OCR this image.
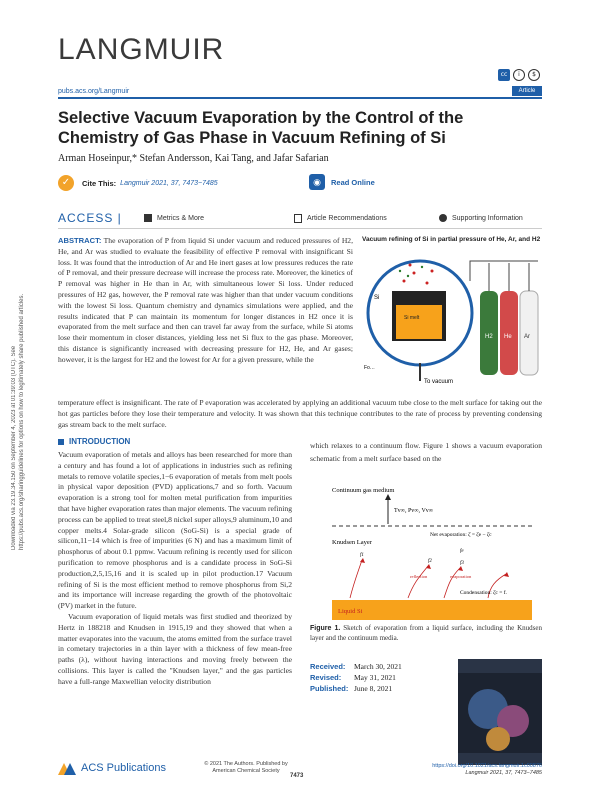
LANGMUIR
cc	i	$
pubs.acs.org/Langmuir	Article
Selective Vacuum Evaporation by the Control of the Chemistry of Gas Phase in Vacuum Refining of Si
Arman Hoseinpur,* Stefan Andersson, Kai Tang, and Jafar Safarian
✓	Cite This: Langmuir 2021, 37, 7473−7485	◉	Read Online
ACCESS |	Metrics & More	Article Recommendations	Supporting Information
Downloaded via 23.19.34.150 on September 4, 2023 at 01:39:03 (UTC). See https://pubs.acs.org/sharingguidelines for options on how to legitimately share published articles.
ABSTRACT: The evaporation of P from liquid Si under vacuum and reduced pressures of H2, He, and Ar was studied to evaluate the feasibility of effective P removal with insignificant Si loss. It was found that the introduction of Ar and He inert gases at low pressures reduces the rate of P removal, and their pressure decrease will increase the process rate. Moreover, the kinetics of P removal was higher in He than in Ar, with simultaneous lower Si loss. Under reduced pressures of H2 gas, however, the P removal rate was higher than that under vacuum conditions with the lowest Si loss. Quantum chemistry and dynamics simulations were applied, and the results indicated that P can maintain its momentum for longer distances in H2 once it is evaporated from the melt surface and then can travel far away from the surface, while Si atoms lose their momentum in closer distances, yielding less net Si flux to the gas phase. Moreover, this distance is significantly increased with decreasing pressure for H2, He, and Ar gases; however, it is the largest for H2 and the lowest for Ar for a given pressure, while the
Vacuum refining of Si in partial pressure of He, Ar, and H2
Si
Si melt
To vacuum
Fo…
H2 He Ar
temperature effect is insignificant. The rate of P evaporation was accelerated by applying an additional vacuum tube close to the melt surface for taking out the hot gas particles before they lose their temperature and velocity. It was shown that this technique contributes to the rate of process by preventing condensing gas stream back to the melt surface.
INTRODUCTION

Vacuum evaporation of metals and alloys has been researched for more than a century and has found a lot of applications in industries such as refining metals to remove volatile species,1−6 evaporation of metals from melt pools in physical vapor deposition (PVD) applications,7 and so forth. Vacuum evaporation is a strong tool for molten metal purification from impurities that have higher evaporation rates than major elements. The vacuum refining process can be applied to treat steel,8 nickel super alloys,9 aluminum,10 and copper melts.4 Solar-grade silicon (SoG-Si) is a special grade of silicon,11−14 which is free of impurities (6 N) and has a maximum limit of phosphorus of about 0.1 ppmw. Vacuum refining is recently used for silicon purification to remove phosphorus and is a candidate process in SoG-Si production,2,5,15,16 and it is scaled up in pilot production.17 Vacuum refining of Si is the most efficient method to remove phosphorus from Si,2 and its importance will increase regarding the growth of the photovoltaic (PV) market in the future.

Vacuum evaporation of liquid metals was first studied and theorized by Hertz in 188218 and Knudsen in 1915,19 and they showed that when a matter evaporates into the vacuum, the atoms emitted from the surface travel in cometary trajectories in a thin layer with a thickness of few mean-free paths (λ), without having interactions and moving freely between the collisions. This layer is called the "Knudsen layer," and the gas particles have a full-range Maxwellian velocity distribution

which relaxes to a continuum flow. Figure 1 shows a vacuum evaporation schematic from a melt surface based on the
Continuum gas medium
Tv∞, Pv∞, Vv∞
Net evaporation: ζ̇ = ζ̇e − ζ̇c
Knudsen Layer
f1
f2	f3
fe
reflection	evaporation
Condensation: ζ̇c = f.
Liquid Si
Figure 1. Sketch of evaporation from a liquid surface, including the Knudsen layer and the continuum media.
Received: March 30, 2021
Revised: May 31, 2021
Published: June 8, 2021
ACS Publications	© 2021 The Authors. Published by American Chemical Society
7473
https://doi.org/10.1021/acs.langmuir.1c00876
Langmuir 2021, 37, 7473−7485
